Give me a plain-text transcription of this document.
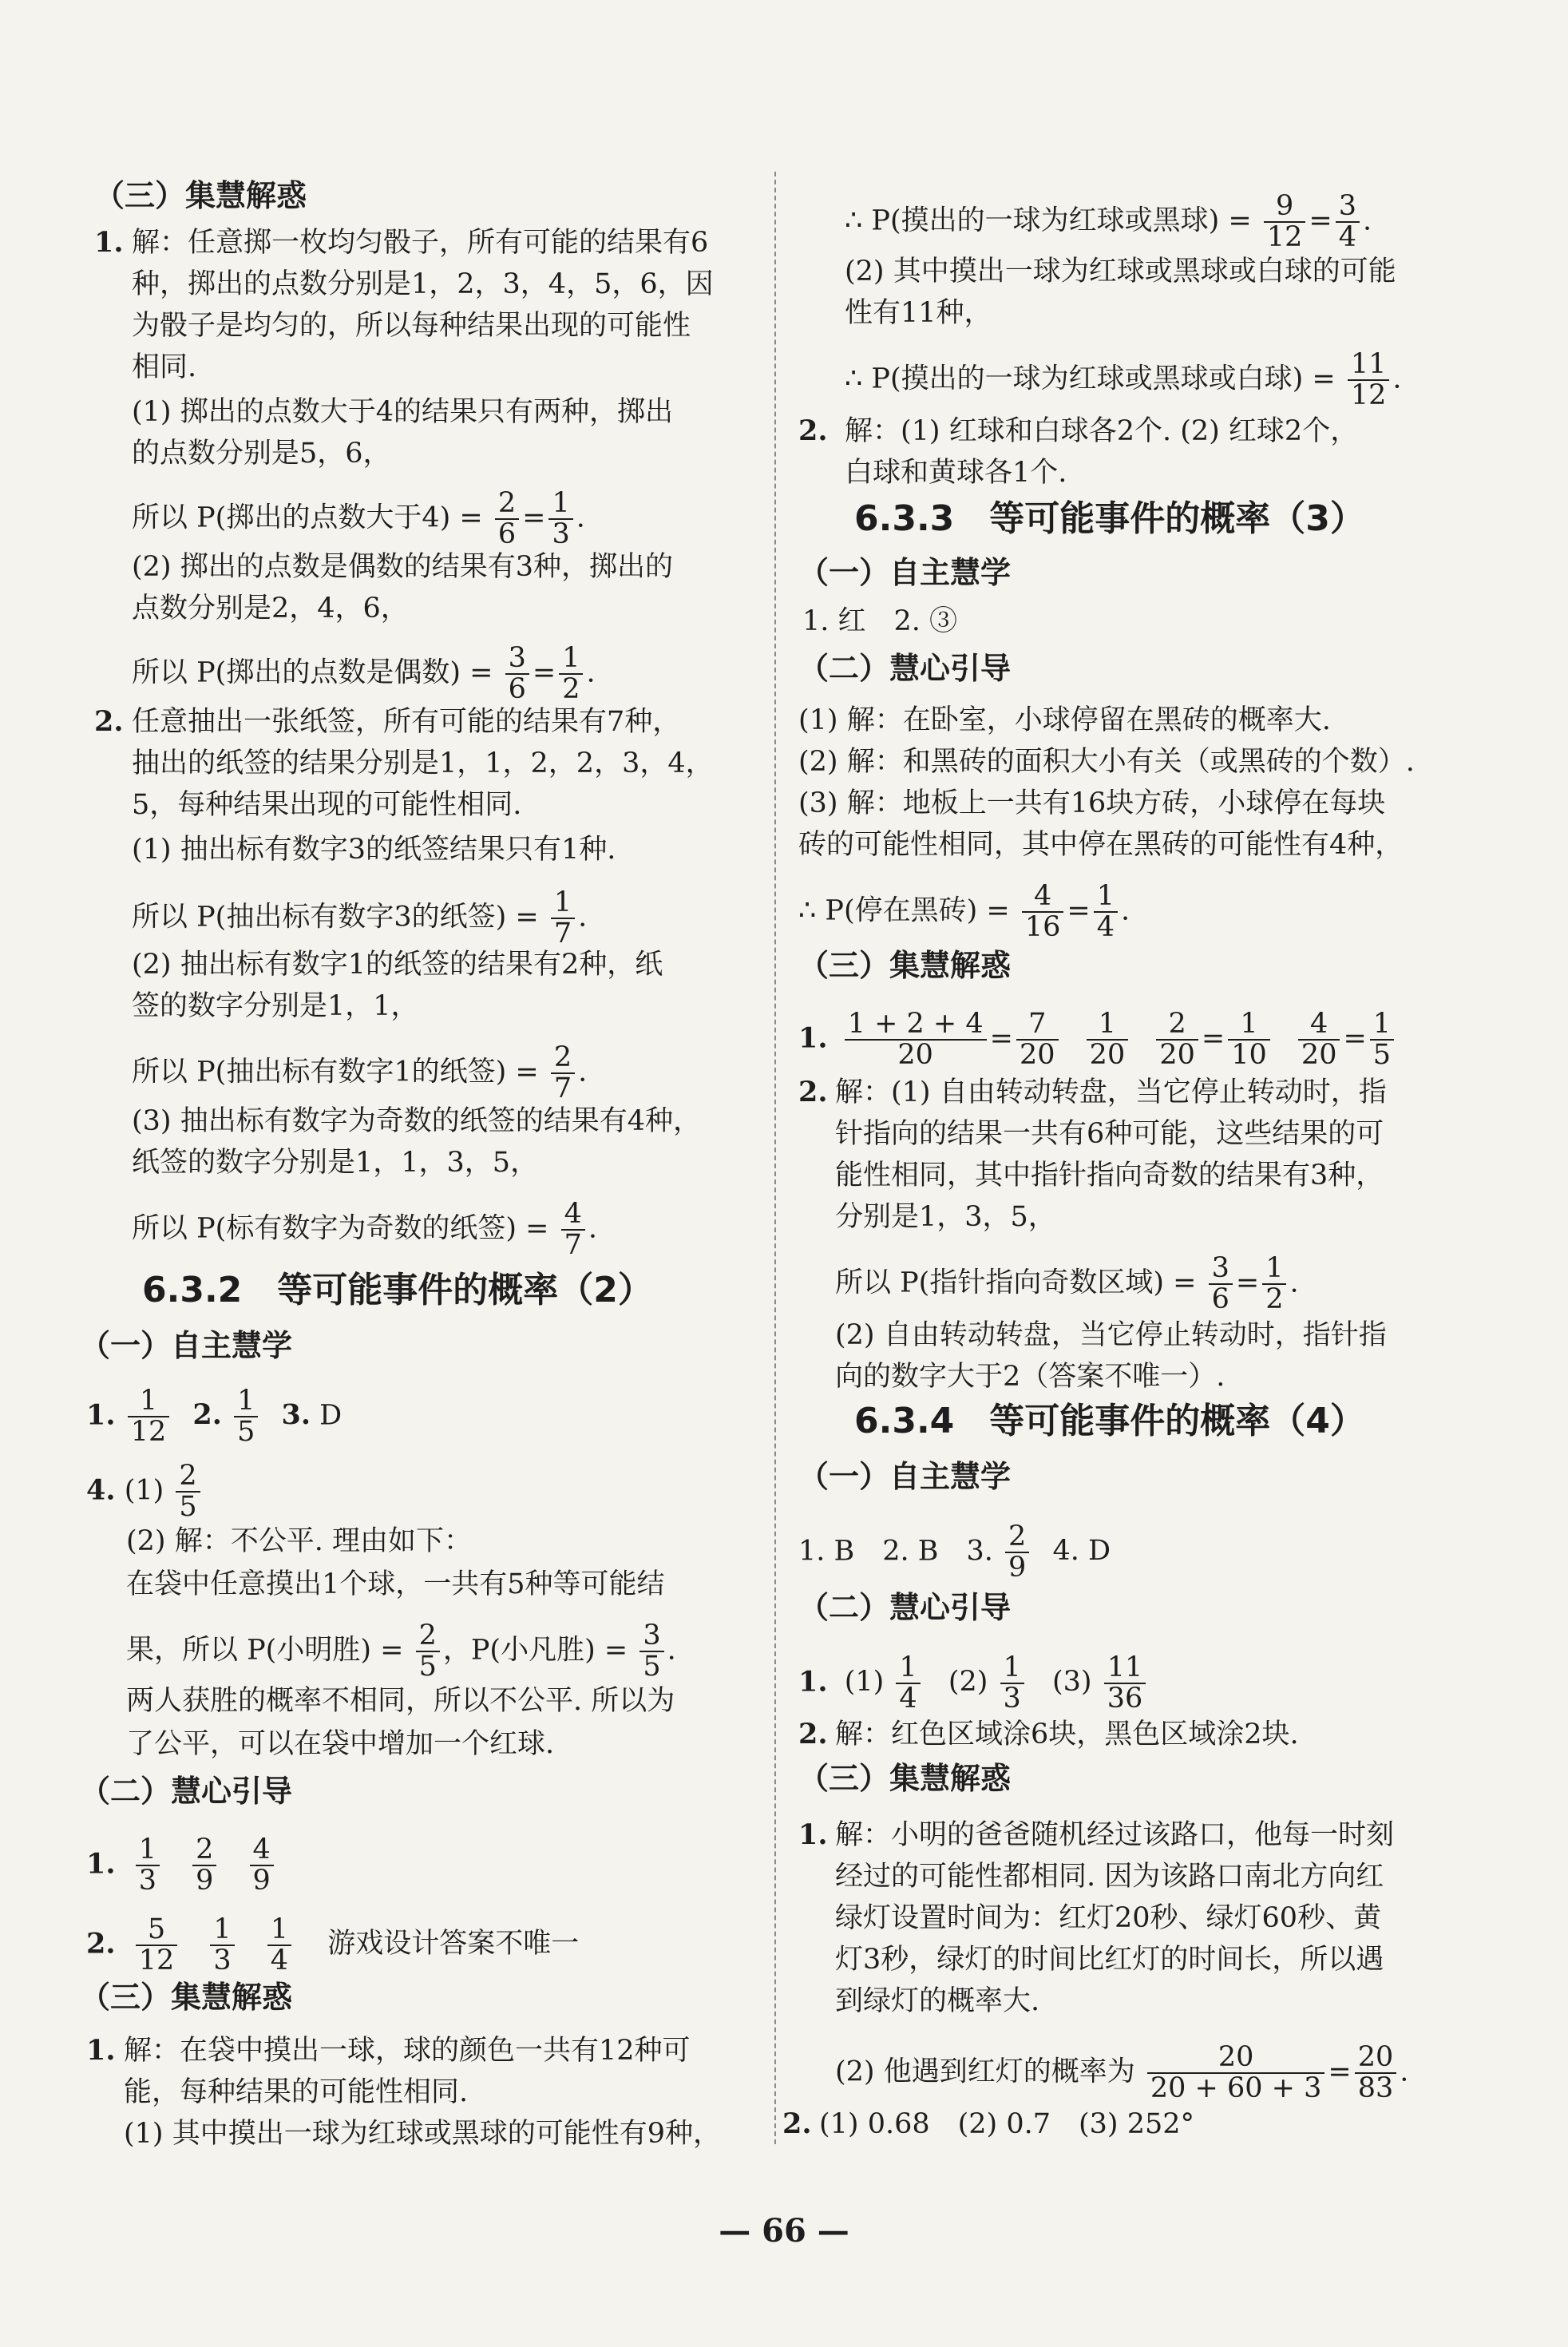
（三）集慧解惑
1. 解：任意掷一枚均匀骰子，所有可能的结果有6
种，掷出的点数分别是1，2，3，4，5，6，因
为骰子是均匀的，所以每种结果出现的可能性
相同.
(1) 掷出的点数大于4的结果只有两种，掷出
的点数分别是5，6，
所以 P(掷出的点数大于$4) = \frac{2}{6} = \frac{1}{3}$ .
(2) 掷出的点数是偶数的结果有3种，掷出的
点数分别是2，4，6，
所以 P(掷出的点数是偶数) = $\frac{3}{6} = \frac{1}{2}$ .
2. 任意抽出一张纸签，所有可能的结果有7种，
抽出的纸签的结果分别是1，1，2，2，3，4，
5，每种结果出现的可能性相同.
(1) 抽出标有数字3的纸签结果只有1种.
所以 P(抽出标有数字3的纸签) = $\frac{1}{7}$ .
(2) 抽出标有数字1的纸签的结果有2种，纸
签的数字分别是1，1，
所以 P(抽出标有数字1的纸签) = $\frac{2}{7}$ .
(3) 抽出标有数字为奇数的纸签的结果有4种，
纸签的数字分别是1，1，3，5，
所以 P(标有数字为奇数的纸签) = $\frac{4}{7}$ .
6.3.2　等可能事件的概率（2）
（一）自主慧学
1. $\frac{1}{12} 2$. $\frac{1}{5} 3$. D
4. $(1) \frac{2}{5}$
(2) 解：不公平. 理由如下：
在袋中任意摸出1个球，一共有5种等可能结
果，所以 P(小明胜) = $\frac{2}{5}$ ，P(小凡胜) = $\frac{3}{5}$ .
两人获胜的概率不相同，所以不公平. 所以为
了公平，可以在袋中增加一个红球.
（二）慧心引导
1. $\frac{1}{3}$
$\frac{2}{9}$
$\frac{4}{9}$
2. $\frac{5}{12}$
$\frac{1}{3}$
$\frac{1}{4}$ 游戏设计答案不唯一
（三）集慧解惑
1. 解：在袋中摸出一球，球的颜色一共有12种可
能，每种结果的可能性相同.
(1) 其中摸出一球为红球或黑球的可能性有9种，
∴ P(摸出的一球为红球或黑球) = $\frac{9}{12} = \frac{3}{4}$ .
(2) 其中摸出一球为红球或黑球或白球的可能
性有11种，
∴ P(摸出的一球为红球或黑球或白球) = $\frac{11}{12}$ .
2. 解：(1) 红球和白球各2个. (2) 红球2个，
白球和黄球各1个.
6.3.3　等可能事件的概率（3）
（一）自主慧学
1. 红　2. ③
（二）慧心引导
(1) 解：在卧室，小球停留在黑砖的概率大.
(2) 解：和黑砖的面积大小有关（或黑砖的个数）.
(3) 解：地板上一共有16块方砖，小球停在每块
砖的可能性相同，其中停在黑砖的可能性有4种，
∴ P(停在黑砖) = $\frac{4}{16} = \frac{1}{4}$ .
（三）集慧解惑
1. $\frac{1 + 2 + 4}{20} = \frac{7}{20}$
$\frac{1}{20}$
$\frac{2}{20} = \frac{1}{10}$
$\frac{4}{20} = \frac{1}{5}$
2. 解：(1) 自由转动转盘，当它停止转动时，指
针指向的结果一共有6种可能，这些结果的可
能性相同，其中指针指向奇数的结果有3种，
分别是1，3，5，
所以 P(指针指向奇数区域) = $\frac{3}{6} = \frac{1}{2}$ .
(2) 自由转动转盘，当它停止转动时，指针指
向的数字大于2（答案不唯一）.
6.3.4　等可能事件的概率（4）
（一）自主慧学
1. B　2. B　3. $\frac{2}{9} 4$. D
（二）慧心引导
1. $(1) \frac{1}{4} (2) \frac{1}{3} (3) \frac{11}{36}$
2. 解：红色区域涂6块，黑色区域涂2块.
（三）集慧解惑
1. 解：小明的爸爸随机经过该路口，他每一时刻
经过的可能性都相同. 因为该路口南北方向红
绿灯设置时间为：红灯20秒、绿灯60秒、黄
灯3秒，绿灯的时间比红灯的时间长，所以遇
到绿灯的概率大.
(2) 他遇到红灯的概率为 $\frac{20}{20 + 60 + 3} = \frac{20}{83}$ .
2. (1) 0.68　(2) 0.7　(3) 252°
— 66 —
